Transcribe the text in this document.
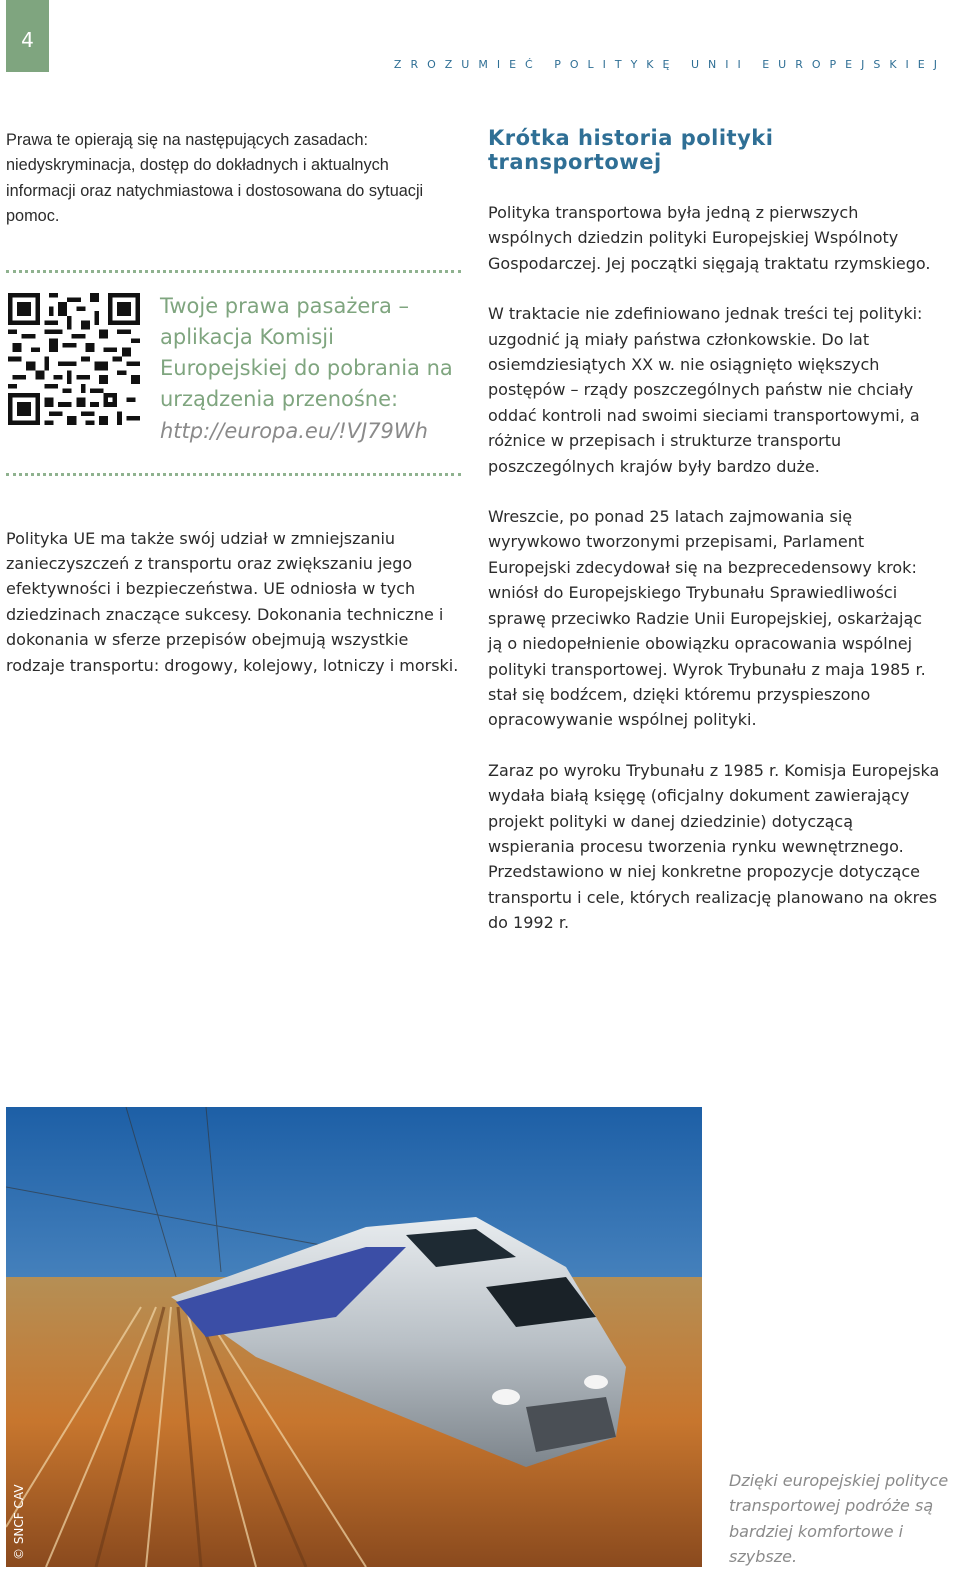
4
ZROZUMIEĆ POLITYKĘ UNII EUROPEJSKIEJ

Prawa te opierają się na następujących zasadach: niedyskryminacja, dostęp do dokładnych i aktualnych informacji oraz natychmiastowa i dostosowana do sytuacji pomoc.

Twoje prawa pasażera – aplikacja Komisji Europejskiej do pobrania na urządzenia przenośne:
http://europa.eu/!VJ79Wh

Polityka UE ma także swój udział w zmniejszaniu zanieczyszczeń z transportu oraz zwiększaniu jego efektywności i bezpieczeństwa. UE odniosła w tych dziedzinach znaczące sukcesy. Dokonania techniczne i dokonania w sferze przepisów obejmują wszystkie rodzaje transportu: drogowy, kolejowy, lotniczy i morski.

Krótka historia polityki transportowej

Polityka transportowa była jedną z pierwszych wspólnych dziedzin polityki Europejskiej Wspólnoty Gospodarczej. Jej początki sięgają traktatu rzymskiego.

W traktacie nie zdefiniowano jednak treści tej polityki: uzgodnić ją miały państwa członkowskie. Do lat osiemdziesiątych XX w. nie osiągnięto większych postępów – rządy poszczególnych państw nie chciały oddać kontroli nad swoimi sieciami transportowymi, a różnice w przepisach i strukturze transportu poszczególnych krajów były bardzo duże.

Wreszcie, po ponad 25 latach zajmowania się wyrywkowo tworzonymi przepisami, Parlament Europejski zdecydował się na bezprecedensowy krok: wniósł do Europejskiego Trybunału Sprawiedliwości sprawę przeciwko Radzie Unii Europejskiej, oskarżając ją o niedopełnienie obowiązku opracowania wspólnej polityki transportowej. Wyrok Trybunału z maja 1985 r. stał się bodźcem, dzięki któremu przyspieszono opracowywanie wspólnej polityki.

Zaraz po wyroku Trybunału z 1985 r. Komisja Europejska wydała białą księgę (oficjalny dokument zawierający projekt polityki w danej dziedzinie) dotyczącą wspierania procesu tworzenia rynku wewnętrznego. Przedstawiono w niej konkretne propozycje dotyczące transportu i cele, których realizację planowano na okres do 1992 r.

© SNCF CAV
Dzięki europejskiej polityce transportowej podróże są bardziej komfortowe i szybsze.
